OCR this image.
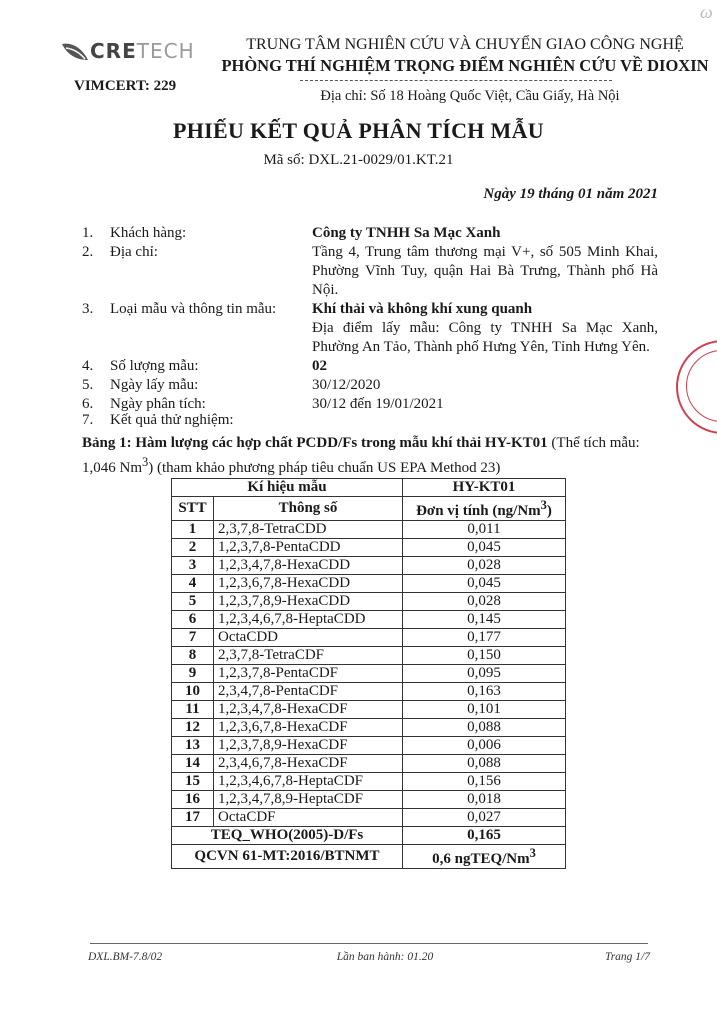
CRETECH
VIMCERT: 229
TRUNG TÂM NGHIÊN CỨU VÀ CHUYỂN GIAO CÔNG NGHỆ
PHÒNG THÍ NGHIỆM TRỌNG ĐIỂM NGHIÊN CỨU VỀ DIOXIN
Địa chỉ: Số 18 Hoàng Quốc Việt, Cầu Giấy, Hà Nội
ω
PHIẾU KẾT QUẢ PHÂN TÍCH MẪU
Mã số: DXL.21-0029/01.KT.21
Ngày 19 tháng 01 năm 2021
1.	Khách hàng:	Công ty TNHH Sa Mạc Xanh
2.	Địa chỉ:	Tầng 4, Trung tâm thương mại V+, số 505 Minh Khai, Phường Vĩnh Tuy, quận Hai Bà Trưng, Thành phố Hà Nội.
3.	Loại mẫu và thông tin mẫu:	Khí thải và không khí xung quanh
Địa điểm lấy mẫu: Công ty TNHH Sa Mạc Xanh, Phường An Tảo, Thành phố Hưng Yên, Tỉnh Hưng Yên.
4.	Số lượng mẫu:	02
5.	Ngày lấy mẫu:	30/12/2020
6.	Ngày phân tích:	30/12 đến 19/01/2021
7.	Kết quả thử nghiệm:
Bảng 1: Hàm lượng các hợp chất PCDD/Fs trong mẫu khí thải HY-KT01 (Thể tích mẫu: 1,046 Nm$^3$) (tham khảo phương pháp tiêu chuẩn US EPA Method 23)
Kí hiệu mẫu		HY-KT01
STT	Thông số	Đơn vị tính (ng/Nm$^3$)
1	2,3,7,8-TetraCDD	0,011
2	1,2,3,7,8-PentaCDD	0,045
3	1,2,3,4,7,8-HexaCDD	0,028
4	1,2,3,6,7,8-HexaCDD	0,045
5	1,2,3,7,8,9-HexaCDD	0,028
6	1,2,3,4,6,7,8-HeptaCDD	0,145
7	OctaCDD	0,177
8	2,3,7,8-TetraCDF	0,150
9	1,2,3,7,8-PentaCDF	0,095
10	2,3,4,7,8-PentaCDF	0,163
11	1,2,3,4,7,8-HexaCDF	0,101
12	1,2,3,6,7,8-HexaCDF	0,088
13	1,2,3,7,8,9-HexaCDF	0,006
14	2,3,4,6,7,8-HexaCDF	0,088
15	1,2,3,4,6,7,8-HeptaCDF	0,156
16	1,2,3,4,7,8,9-HeptaCDF	0,018
17	OctaCDF	0,027
TEQ_WHO(2005)-D/Fs		0,165
QCVN 61-MT:2016/BTNMT		0,6 ngTEQ/Nm$^3$
DXL.BM-7.8/02	Lần ban hành: 01.20	Trang 1/7
